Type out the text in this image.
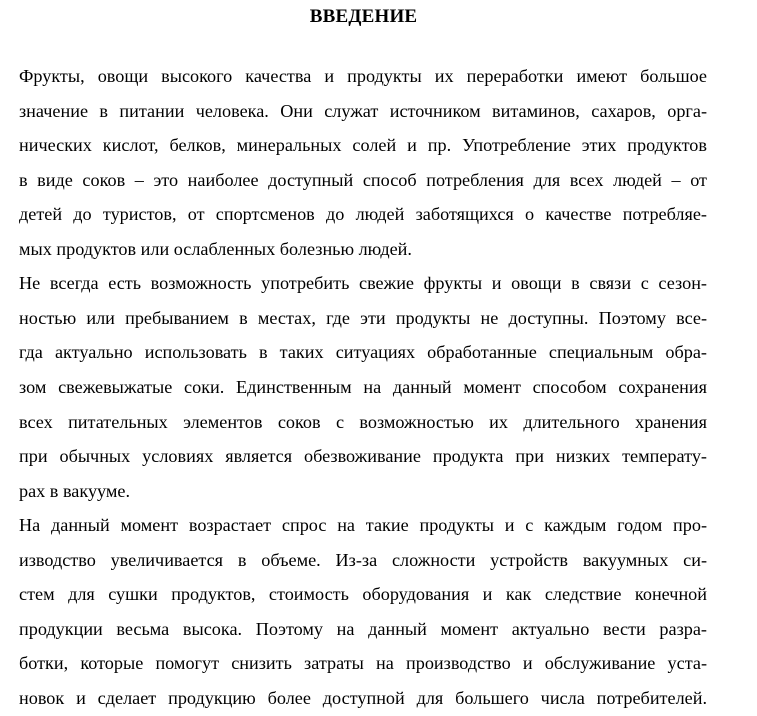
ВВЕДЕНИЕ
Фрукты, овощи высокого качества и продукты их переработки имеют большое
значение в питании человека. Они служат источником витаминов, сахаров, орга-
нических кислот, белков, минеральных солей и пр. Употребление этих продуктов
в виде соков – это наиболее доступный способ потребления для всех людей – от
детей до туристов, от спортсменов до людей заботящихся о качестве потребляе-
мых продуктов или ослабленных болезнью людей.
Не всегда есть возможность употребить свежие фрукты и овощи в связи с сезон-
ностью или пребыванием в местах, где эти продукты не доступны. Поэтому все-
гда актуально использовать в таких ситуациях обработанные специальным обра-
зом свежевыжатые соки. Единственным на данный момент способом сохранения
всех питательных элементов соков с возможностью их длительного хранения
при обычных условиях является обезвоживание продукта при низких температу-
рах в вакууме.
На данный момент возрастает спрос на такие продукты и с каждым годом про-
изводство увеличивается в объеме. Из-за сложности устройств вакуумных си-
стем для сушки продуктов, стоимость оборудования и как следствие конечной
продукции весьма высока. Поэтому на данный момент актуально вести разра-
ботки, которые помогут снизить затраты на производство и обслуживание уста-
новок и сделает продукцию более доступной для большего числа потребителей.
